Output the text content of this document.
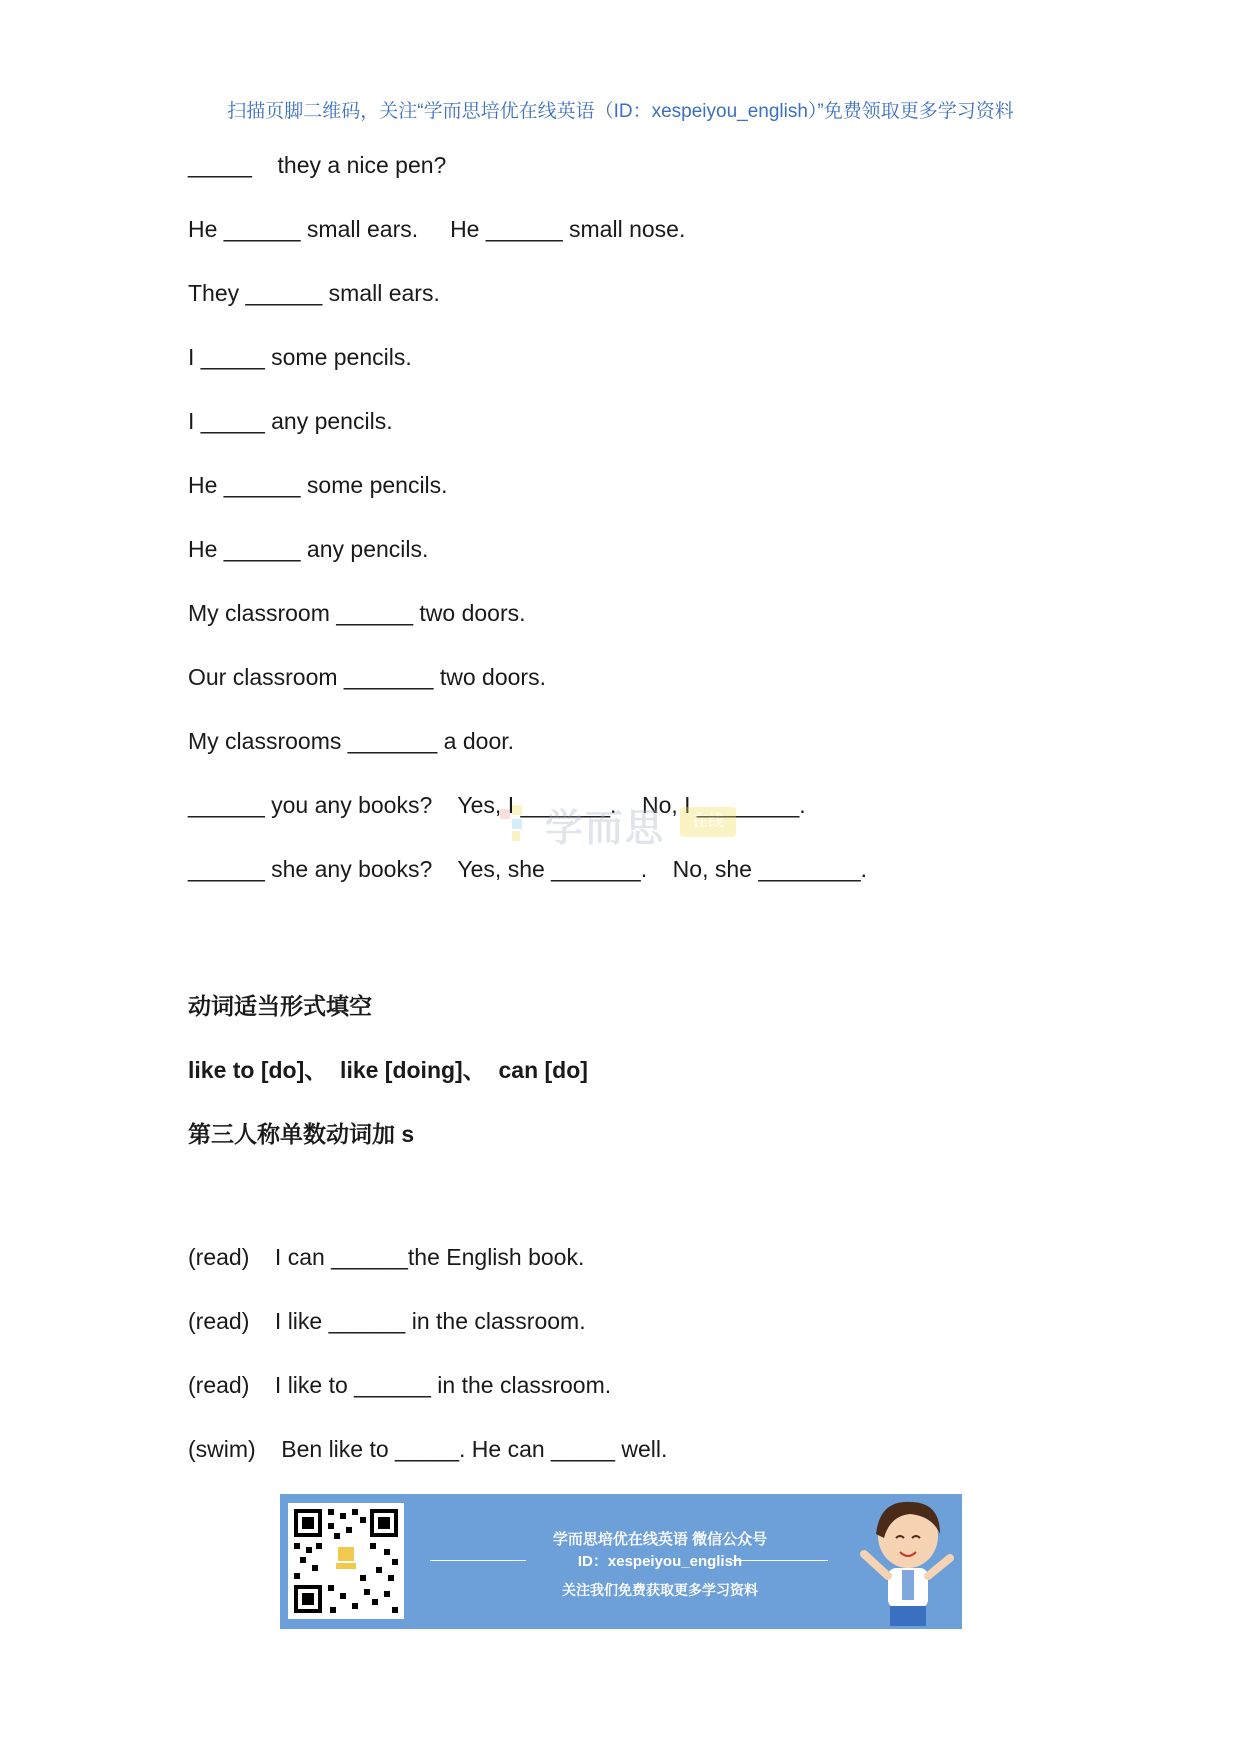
扫描页脚二维码，关注“学而思培优在线英语（ID：xespeiyou_english）”免费领取更多学习资料
_____    they a nice pen?
He ______ small ears.     He ______ small nose.
They ______ small ears.
I _____ some pencils.
I _____ any pencils.
He ______ some pencils.
He ______ any pencils.
My classroom ______ two doors.
Our classroom _______ two doors.
My classrooms _______ a door.
______ you any books?    Yes, I _______.    No, I ________.
______ she any books?    Yes, she _______.    No, she ________.
学而思	在线
动词适当形式填空
like to [do]、  like [doing]、  can [do]
第三人称单数动词加 s
(read)    I can ______the English book.
(read)    I like ______ in the classroom.
(read)    I like to ______ in the classroom.
(swim)    Ben like to _____. He can _____ well.
学而思培优在线英语 微信公众号
ID：xespeiyou_english
关注我们免费获取更多学习资料
